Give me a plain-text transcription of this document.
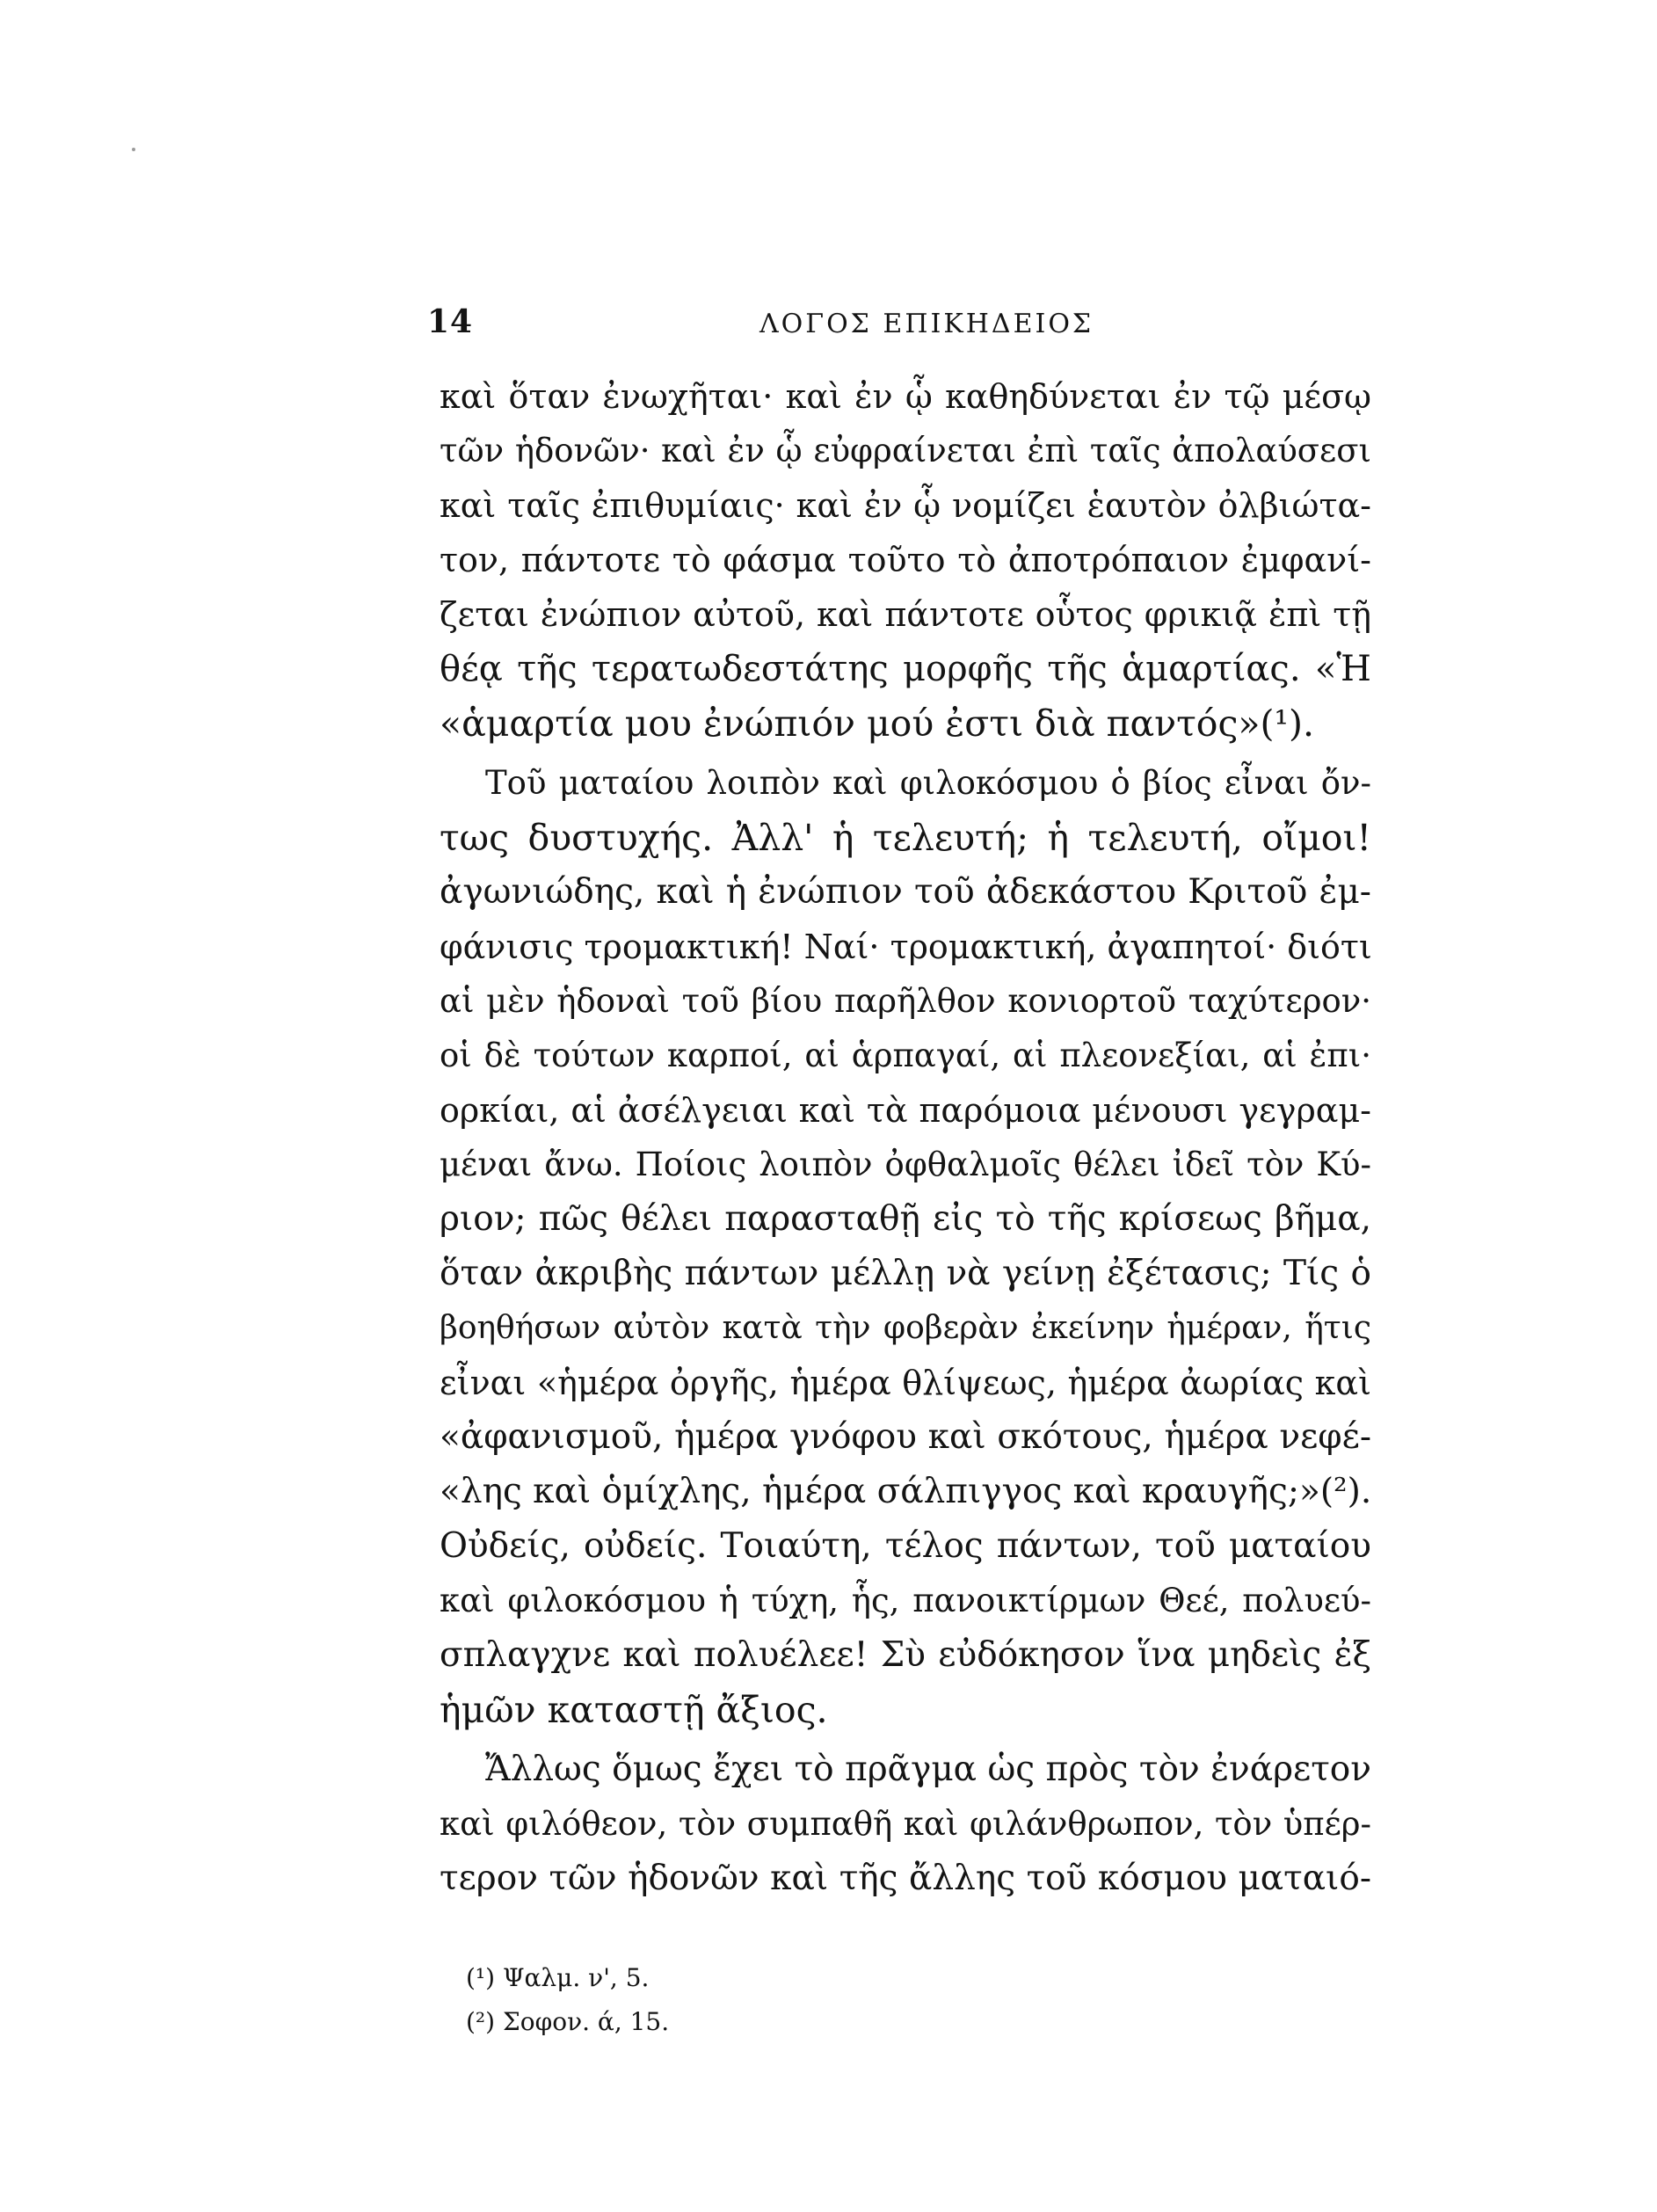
14	ΛΟΓΟΣ ΕΠΙΚΗΔΕΙΟΣ
καὶ ὅταν ἐνωχῆται· καὶ ἐν ᾧ καθηδύνεται ἐν τῷ μέσῳ
τῶν ἡδονῶν· καὶ ἐν ᾧ εὐφραίνεται ἐπὶ ταῖς ἀπολαύσεσι
καὶ ταῖς ἐπιθυμίαις· καὶ ἐν ᾧ νομίζει ἑαυτὸν ὀλβιώτα-
τον, πάντοτε τὸ φάσμα τοῦτο τὸ ἀποτρόπαιον ἐμφανί-
ζεται ἐνώπιον αὐτοῦ, καὶ πάντοτε οὗτος φρικιᾷ ἐπὶ τῇ
θέᾳ τῆς τερατωδεστάτης μορφῆς τῆς ἁμαρτίας. «Ἡ
«ἁμαρτία μου ἐνώπιόν μού ἐστι διὰ παντός»(¹).
Τοῦ ματαίου λοιπὸν καὶ φιλοκόσμου ὁ βίος εἶναι ὄν-
τως δυστυχής. Ἀλλ' ἡ τελευτή; ἡ τελευτή, οἴμοι!
ἀγωνιώδης, καὶ ἡ ἐνώπιον τοῦ ἀδεκάστου Κριτοῦ ἐμ-
φάνισις τρομακτική! Ναί· τρομακτική, ἀγαπητοί· διότι
αἱ μὲν ἡδοναὶ τοῦ βίου παρῆλθον κονιορτοῦ ταχύτερον·
οἱ δὲ τούτων καρποί, αἱ ἁρπαγαί, αἱ πλεονεξίαι, αἱ ἐπι·
ορκίαι, αἱ ἀσέλγειαι καὶ τὰ παρόμοια μένουσι γεγραμ-
μέναι ἄνω. Ποίοις λοιπὸν ὀφθαλμοῖς θέλει ἰδεῖ τὸν Κύ-
ριον; πῶς θέλει παρασταθῇ εἰς τὸ τῆς κρίσεως βῆμα,
ὅταν ἀκριβὴς πάντων μέλλῃ νὰ γείνῃ ἐξέτασις; Τίς ὁ
βοηθήσων αὐτὸν κατὰ τὴν φοβερὰν ἐκείνην ἡμέραν, ἥτις
εἶναι «ἡμέρα ὀργῆς, ἡμέρα θλίψεως, ἡμέρα ἀωρίας καὶ
«ἀφανισμοῦ, ἡμέρα γνόφου καὶ σκότους, ἡμέρα νεφέ-
«λης καὶ ὁμίχλης, ἡμέρα σάλπιγγος καὶ κραυγῆς;»(²).
Οὐδείς, οὐδείς. Τοιαύτη, τέλος πάντων, τοῦ ματαίου
καὶ φιλοκόσμου ἡ τύχη, ἧς, πανοικτίρμων Θεέ, πολυεύ-
σπλαγχνε καὶ πολυέλεε! Σὺ εὐδόκησον ἵνα μηδεὶς ἐξ
ἡμῶν καταστῇ ἄξιος.
Ἄλλως ὅμως ἔχει τὸ πρᾶγμα ὡς πρὸς τὸν ἐνάρετον
καὶ φιλόθεον, τὸν συμπαθῆ καὶ φιλάνθρωπον, τὸν ὑπέρ-
τερον τῶν ἡδονῶν καὶ τῆς ἄλλης τοῦ κόσμου ματαιό-
(¹) Ψαλμ. ν', 5.
(²) Σοφον. ά, 15.
